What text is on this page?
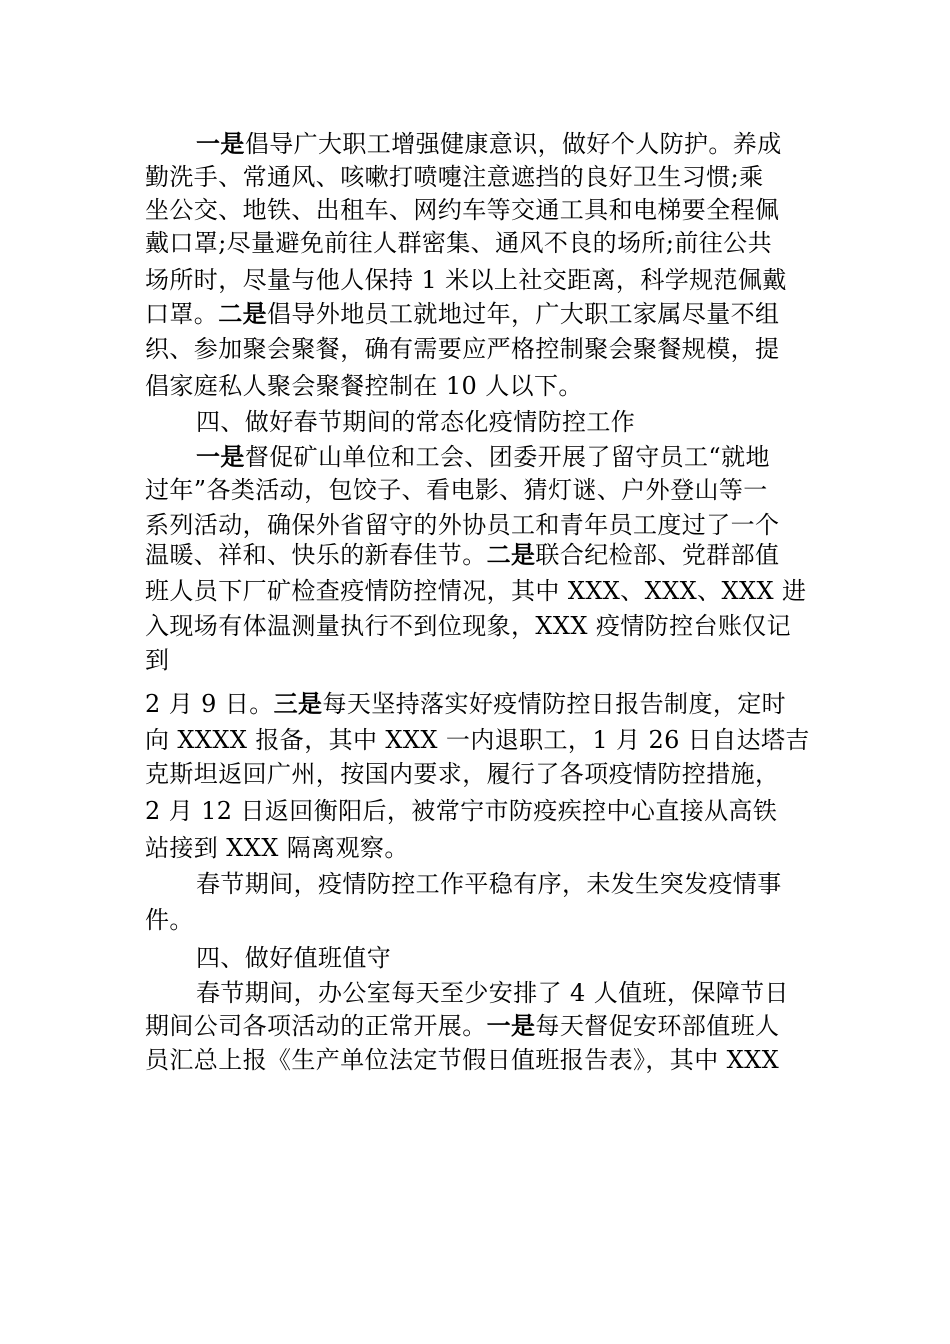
一是倡导广大职工增强健康意识，做好个人防护。养成
勤洗手、常通风、咳嗽打喷嚏注意遮挡的良好卫生习惯;乘
坐公交、地铁、出租车、网约车等交通工具和电梯要全程佩
戴口罩;尽量避免前往人群密集、通风不良的场所;前往公共
场所时，尽量与他人保持 1 米以上社交距离，科学规范佩戴
口罩。二是倡导外地员工就地过年，广大职工家属尽量不组
织、参加聚会聚餐，确有需要应严格控制聚会聚餐规模，提
倡家庭私人聚会聚餐控制在 10 人以下。
四、做好春节期间的常态化疫情防控工作
一是督促矿山单位和工会、团委开展了留守员工“就地
过年”各类活动，包饺子、看电影、猜灯谜、户外登山等一
系列活动，确保外省留守的外协员工和青年员工度过了一个
温暖、祥和、快乐的新春佳节。二是联合纪检部、党群部值
班人员下厂矿检查疫情防控情况，其中 XXX、XXX、XXX 进
入现场有体温测量执行不到位现象，XXX 疫情防控台账仅记
到
2 月 9 日。三是每天坚持落实好疫情防控日报告制度，定时
向 XXXX 报备，其中 XXX 一内退职工，1 月 26 日自达塔吉
克斯坦返回广州，按国内要求，履行了各项疫情防控措施，
2 月 12 日返回衡阳后，被常宁市防疫疾控中心直接从高铁
站接到 XXX 隔离观察。
春节期间，疫情防控工作平稳有序，未发生突发疫情事
件。
四、做好值班值守
春节期间，办公室每天至少安排了 4 人值班，保障节日
期间公司各项活动的正常开展。一是每天督促安环部值班人
员汇总上报《生产单位法定节假日值班报告表》，其中 XXX
